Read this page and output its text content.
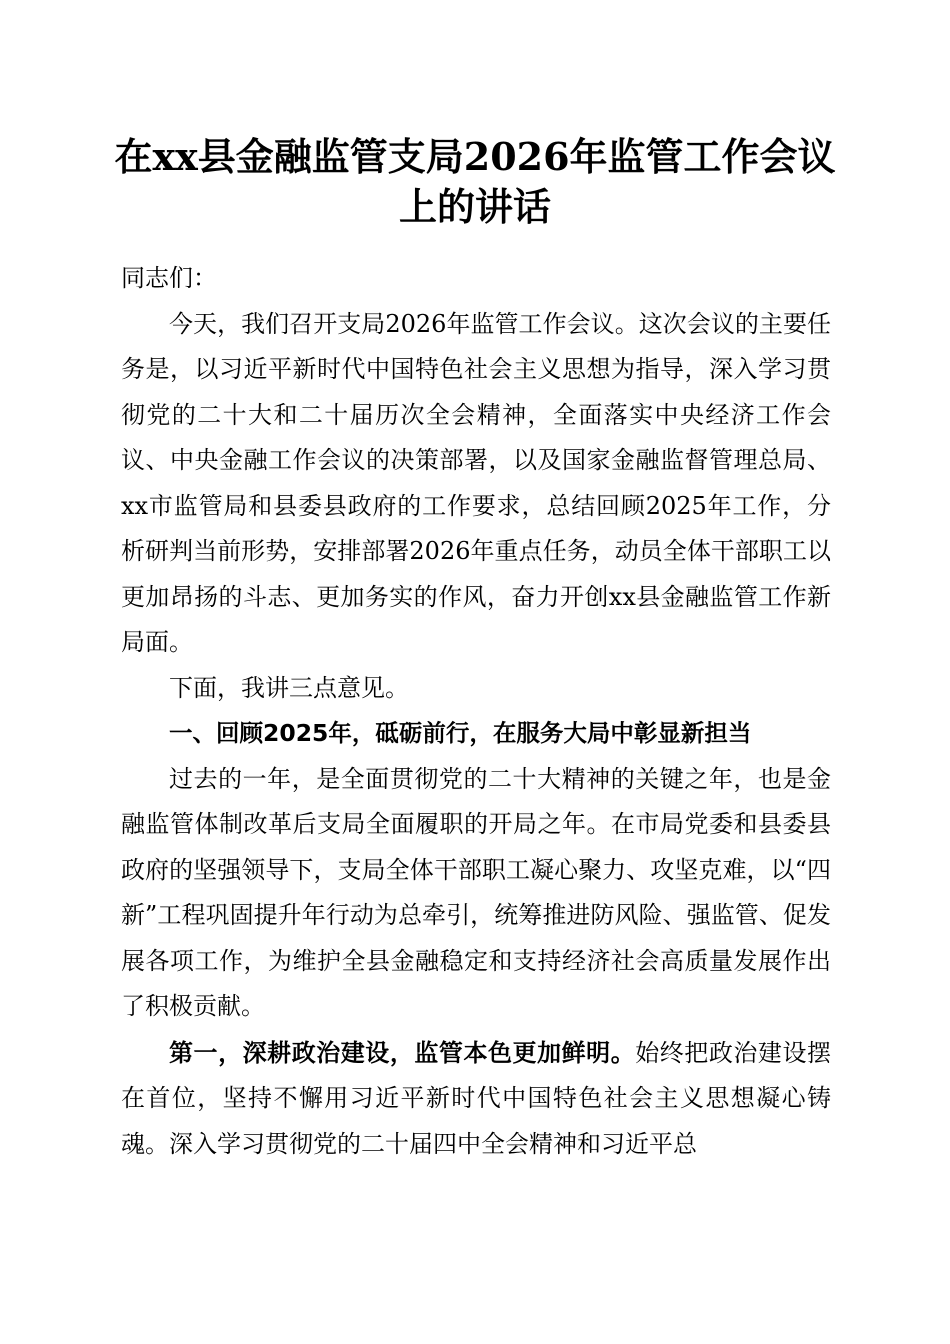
在xx县金融监管支局2026年监管工作会议上的讲话

同志们：

今天，我们召开支局2026年监管工作会议。这次会议的主要任务是，以习近平新时代中国特色社会主义思想为指导，深入学习贯彻党的二十大和二十届历次全会精神，全面落实中央经济工作会议、中央金融工作会议的决策部署，以及国家金融监督管理总局、xx市监管局和县委县政府的工作要求，总结回顾2025年工作，分析研判当前形势，安排部署2026年重点任务，动员全体干部职工以更加昂扬的斗志、更加务实的作风，奋力开创xx县金融监管工作新局面。

下面，我讲三点意见。

一、回顾2025年，砥砺前行，在服务大局中彰显新担当

过去的一年，是全面贯彻党的二十大精神的关键之年，也是金融监管体制改革后支局全面履职的开局之年。在市局党委和县委县政府的坚强领导下，支局全体干部职工凝心聚力、攻坚克难，以“四新”工程巩固提升年行动为总牵引，统筹推进防风险、强监管、促发展各项工作，为维护全县金融稳定和支持经济社会高质量发展作出了积极贡献。

第一，深耕政治建设，监管本色更加鲜明。始终把政治建设摆在首位，坚持不懈用习近平新时代中国特色社会主义思想凝心铸魂。深入学习贯彻党的二十届四中全会精神和习近平总
